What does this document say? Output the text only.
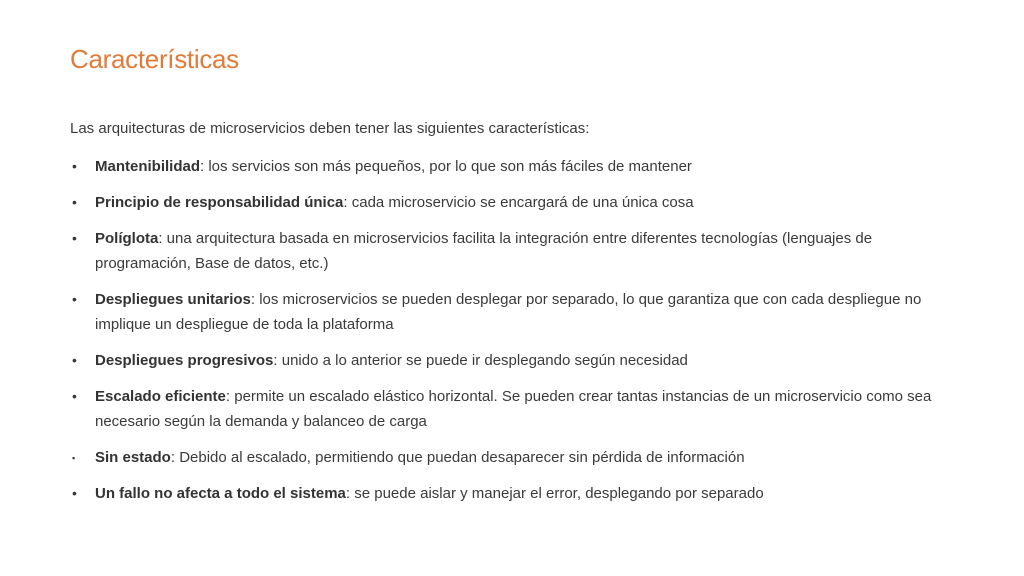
Características

Las arquitecturas de microservicios deben tener las siguientes características:

•	Mantenibilidad: los servicios son más pequeños, por lo que son más fáciles de mantener
•	Principio de responsabilidad única: cada microservicio se encargará de una única cosa
•	Políglota: una arquitectura basada en microservicios facilita la integración entre diferentes tecnologías (lenguajes de programación, Base de datos, etc.)
•	Despliegues unitarios: los microservicios se pueden desplegar por separado, lo que garantiza que con cada despliegue no implique un despliegue de toda la plataforma
•	Despliegues progresivos: unido a lo anterior se puede ir desplegando según necesidad
•	Escalado eficiente: permite un escalado elástico horizontal. Se pueden crear tantas instancias de un microservicio como sea necesario según la demanda y balanceo de carga
▪	Sin estado: Debido al escalado, permitiendo que puedan desaparecer sin pérdida de información
•	Un fallo no afecta a todo el sistema: se puede aislar y manejar el error, desplegando por separado
